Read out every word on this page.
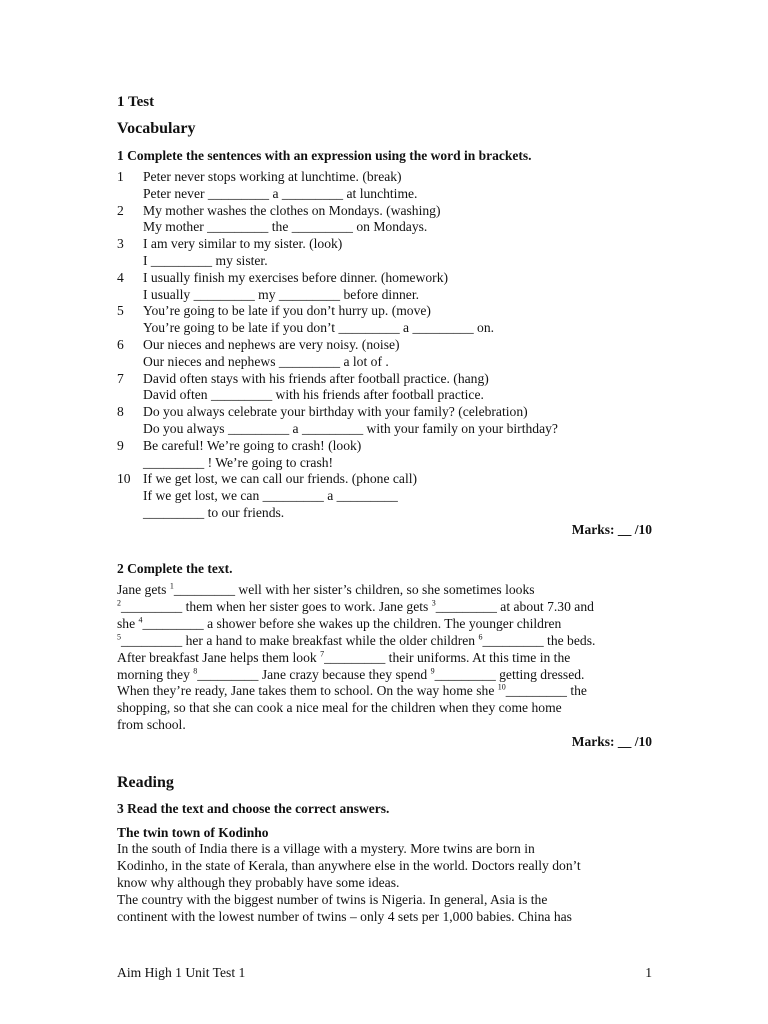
1 Test
Vocabulary
1 Complete the sentences with an expression using the word in brackets.
1 Peter never stops working at lunchtime. (break)
Peter never _________ a _________ at lunchtime.
2 My mother washes the clothes on Mondays. (washing)
My mother _________ the _________ on Mondays.
3 I am very similar to my sister. (look)
I _________ my sister.
4 I usually finish my exercises before dinner. (homework)
I usually _________ my _________ before dinner.
5 You’re going to be late if you don’t hurry up. (move)
You’re going to be late if you don’t _________ a _________ on.
6 Our nieces and nephews are very noisy. (noise)
Our nieces and nephews _________ a lot of .
7 David often stays with his friends after football practice. (hang)
David often _________ with his friends after football practice.
8 Do you always celebrate your birthday with your family? (celebration)
Do you always _________ a _________ with your family on your birthday?
9 Be careful! We’re going to crash! (look)
_________ ! We’re going to crash!
10 If we get lost, we can call our friends. (phone call)
If we get lost, we can _________ a _________
_________ to our friends.
Marks: __ /10
2 Complete the text.
Jane gets $^1$_________ well with her sister’s children, so she sometimes looks
$^2$_________ them when her sister goes to work. Jane gets $^3$_________ at about 7.30 and
she $^4$_________ a shower before she wakes up the children. The younger children
$^5$_________ her a hand to make breakfast while the older children $^6$_________ the beds.
After breakfast Jane helps them look $^7$_________ their uniforms. At this time in the
morning they $^8$_________ Jane crazy because they spend $^9$_________ getting dressed.
When they’re ready, Jane takes them to school. On the way home she $^{10}$_________ the
shopping, so that she can cook a nice meal for the children when they come home
from school.
Marks: __ /10
Reading
3 Read the text and choose the correct answers.
The twin town of Kodinho
In the south of India there is a village with a mystery. More twins are born in
Kodinho, in the state of Kerala, than anywhere else in the world. Doctors really don’t
know why although they probably have some ideas.
The country with the biggest number of twins is Nigeria. In general, Asia is the
continent with the lowest number of twins – only 4 sets per 1,000 babies. China has
Aim High 1 Unit Test 1	1
